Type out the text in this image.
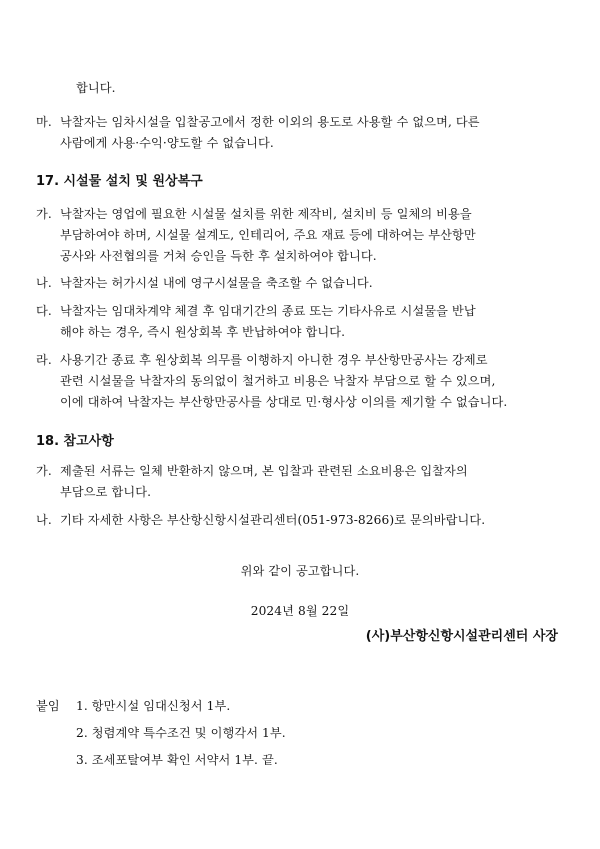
합니다.
마. 낙찰자는 임차시설을 입찰공고에서 정한 이외의 용도로 사용할 수 없으며, 다른
사람에게 사용·수익·양도할 수 없습니다.
17. 시설물 설치 및 원상복구
가. 낙찰자는 영업에 필요한 시설물 설치를 위한 제작비, 설치비 등 일체의 비용을
부담하여야 하며, 시설물 설계도, 인테리어, 주요 재료 등에 대하여는 부산항만
공사와 사전협의를 거쳐 승인을 득한 후 설치하여야 합니다.
나. 낙찰자는 허가시설 내에 영구시설물을 축조할 수 없습니다.
다. 낙찰자는 임대차계약 체결 후 임대기간의 종료 또는 기타사유로 시설물을 반납
해야 하는 경우, 즉시 원상회복 후 반납하여야 합니다.
라. 사용기간 종료 후 원상회복 의무를 이행하지 아니한 경우 부산항만공사는 강제로
관련 시설물을 낙찰자의 동의없이 철거하고 비용은 낙찰자 부담으로 할 수 있으며,
이에 대하여 낙찰자는 부산항만공사를 상대로 민·형사상 이의를 제기할 수 없습니다.
18. 참고사항
가. 제출된 서류는 일체 반환하지 않으며, 본 입찰과 관련된 소요비용은 입찰자의
부담으로 합니다.
나. 기타 자세한 사항은 부산항신항시설관리센터(051-973-8266)로 문의바랍니다.
위와 같이 공고합니다.
2024년 8월 22일
(사)부산항신항시설관리센터 사장
붙임 1. 항만시설 임대신청서 1부.
2. 청렴계약 특수조건 및 이행각서 1부.
3. 조세포탈여부 확인 서약서 1부. 끝.
